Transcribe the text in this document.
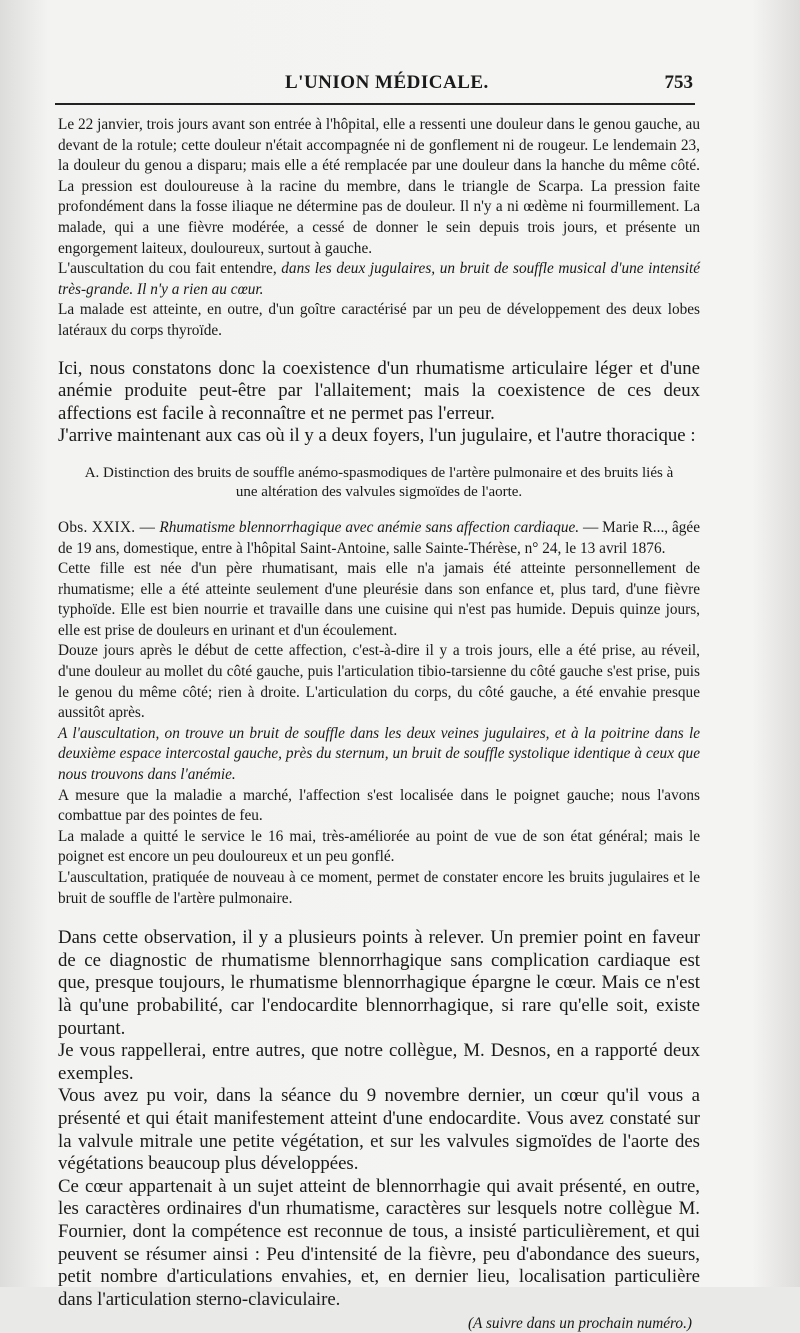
L'UNION MÉDICALE.	753

Le 22 janvier, trois jours avant son entrée à l'hôpital, elle a ressenti une douleur dans le genou gauche, au devant de la rotule; cette douleur n'était accompagnée ni de gonflement ni de rougeur. Le lendemain 23, la douleur du genou a disparu; mais elle a été remplacée par une douleur dans la hanche du même côté. La pression est douloureuse à la racine du membre, dans le triangle de Scarpa. La pression faite profondément dans la fosse iliaque ne détermine pas de douleur. Il n'y a ni œdème ni fourmillement. La malade, qui a une fièvre modérée, a cessé de donner le sein depuis trois jours, et présente un engorgement laiteux, douloureux, surtout à gauche.

L'auscultation du cou fait entendre, dans les deux jugulaires, un bruit de souffle musical d'une intensité très-grande. Il n'y a rien au cœur.

La malade est atteinte, en outre, d'un goître caractérisé par un peu de développement des deux lobes latéraux du corps thyroïde.

Ici, nous constatons donc la coexistence d'un rhumatisme articulaire léger et d'une anémie produite peut-être par l'allaitement; mais la coexistence de ces deux affections est facile à reconnaître et ne permet pas l'erreur.

J'arrive maintenant aux cas où il y a deux foyers, l'un jugulaire, et l'autre thoracique :

A. Distinction des bruits de souffle anémo-spasmodiques de l'artère pulmonaire et des bruits liés à une altération des valvules sigmoïdes de l'aorte.

Obs. XXIX. — Rhumatisme blennorrhagique avec anémie sans affection cardiaque. — Marie R..., âgée de 19 ans, domestique, entre à l'hôpital Saint-Antoine, salle Sainte-Thérèse, n° 24, le 13 avril 1876.

Cette fille est née d'un père rhumatisant, mais elle n'a jamais été atteinte personnellement de rhumatisme; elle a été atteinte seulement d'une pleurésie dans son enfance et, plus tard, d'une fièvre typhoïde. Elle est bien nourrie et travaille dans une cuisine qui n'est pas humide. Depuis quinze jours, elle est prise de douleurs en urinant et d'un écoulement.

Douze jours après le début de cette affection, c'est-à-dire il y a trois jours, elle a été prise, au réveil, d'une douleur au mollet du côté gauche, puis l'articulation tibio-tarsienne du côté gauche s'est prise, puis le genou du même côté; rien à droite. L'articulation du corps, du côté gauche, a été envahie presque aussitôt après.

A l'auscultation, on trouve un bruit de souffle dans les deux veines jugulaires, et à la poitrine dans le deuxième espace intercostal gauche, près du sternum, un bruit de souffle systolique identique à ceux que nous trouvons dans l'anémie.

A mesure que la maladie a marché, l'affection s'est localisée dans le poignet gauche; nous l'avons combattue par des pointes de feu.

La malade a quitté le service le 16 mai, très-améliorée au point de vue de son état général; mais le poignet est encore un peu douloureux et un peu gonflé.

L'auscultation, pratiquée de nouveau à ce moment, permet de constater encore les bruits jugulaires et le bruit de souffle de l'artère pulmonaire.

Dans cette observation, il y a plusieurs points à relever. Un premier point en faveur de ce diagnostic de rhumatisme blennorrhagique sans complication cardiaque est que, presque toujours, le rhumatisme blennorrhagique épargne le cœur. Mais ce n'est là qu'une probabilité, car l'endocardite blennorrhagique, si rare qu'elle soit, existe pourtant.

Je vous rappellerai, entre autres, que notre collègue, M. Desnos, en a rapporté deux exemples.

Vous avez pu voir, dans la séance du 9 novembre dernier, un cœur qu'il vous a présenté et qui était manifestement atteint d'une endocardite. Vous avez constaté sur la valvule mitrale une petite végétation, et sur les valvules sigmoïdes de l'aorte des végétations beaucoup plus développées.

Ce cœur appartenait à un sujet atteint de blennorrhagie qui avait présenté, en outre, les caractères ordinaires d'un rhumatisme, caractères sur lesquels notre collègue M. Fournier, dont la compétence est reconnue de tous, a insisté particulièrement, et qui peuvent se résumer ainsi : Peu d'intensité de la fièvre, peu d'abondance des sueurs, petit nombre d'articulations envahies, et, en dernier lieu, localisation particulière dans l'articulation sterno-claviculaire.

(A suivre dans un prochain numéro.)
